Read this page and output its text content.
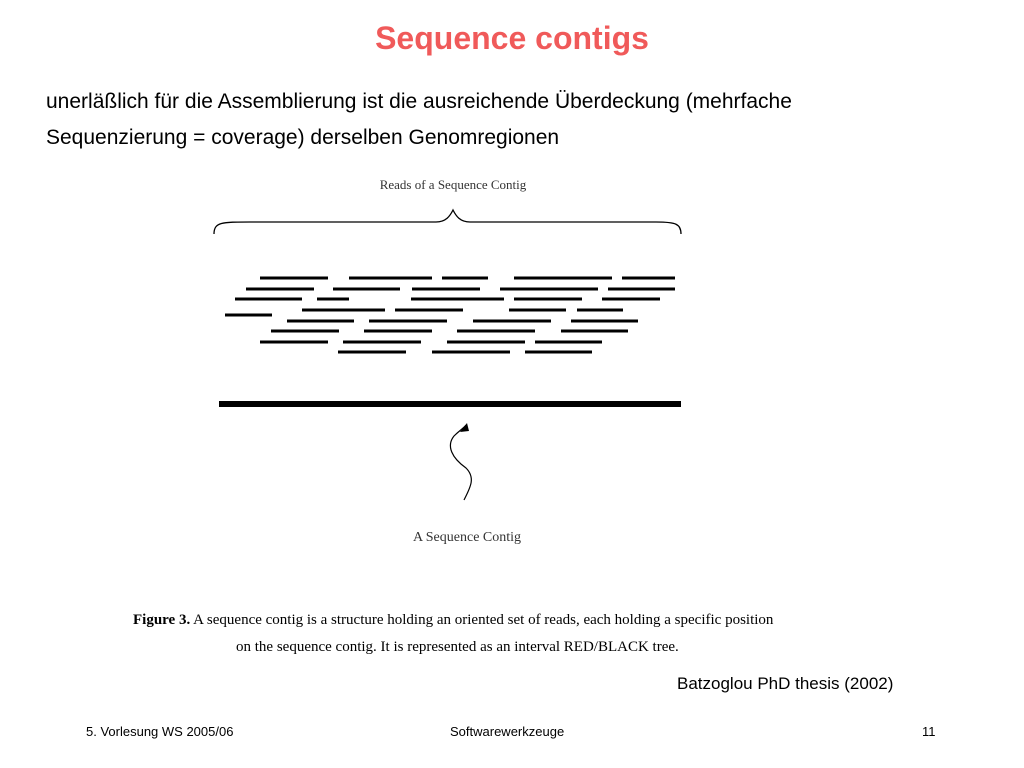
Sequence contigs
unerläßlich für die Assemblierung ist die ausreichende Überdeckung (mehrfache
Sequenzierung = coverage) derselben Genomregionen
Reads of a Sequence Contig
A Sequence Contig
Figure 3. A sequence contig is a structure holding an oriented set of reads, each holding a specific position
on the sequence contig. It is represented as an interval RED/BLACK tree.
Batzoglou PhD thesis (2002)
5. Vorlesung WS 2005/06	Softwarewerkzeuge	11
